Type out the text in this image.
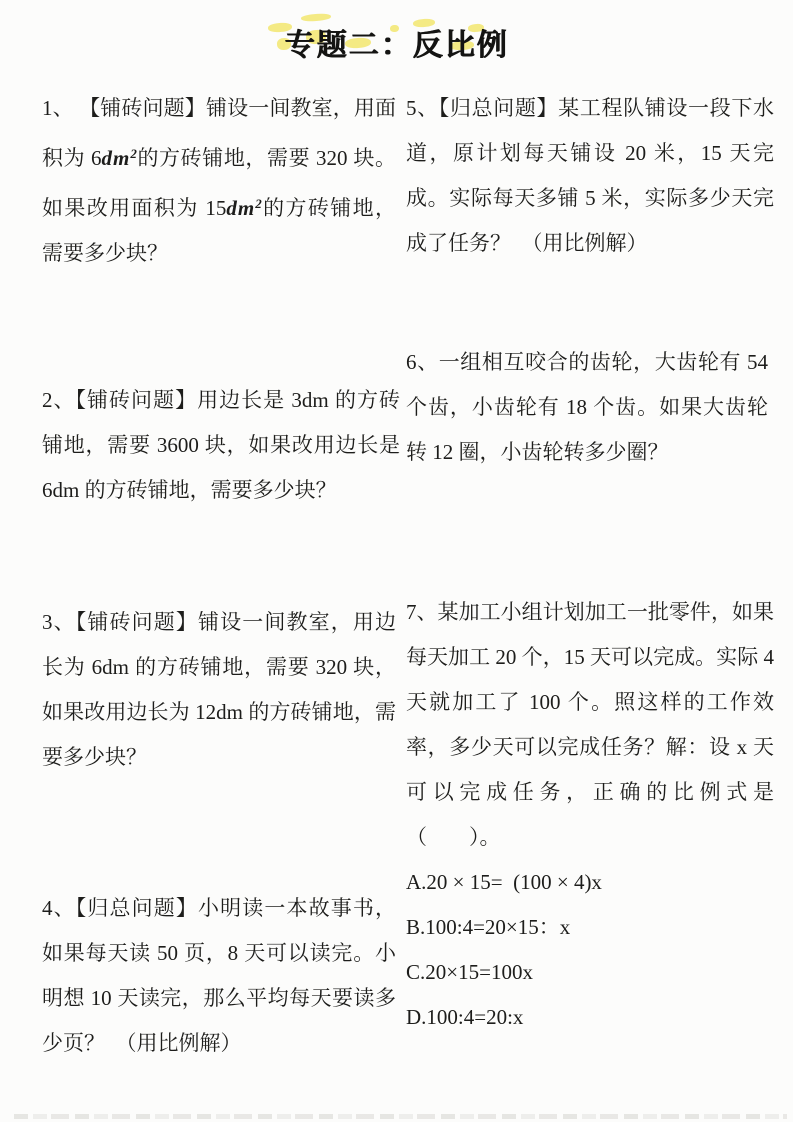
专题二：反比例
1、 【铺砖问题】铺设一间教室，用面积为 $6dm^2$的方砖铺地，需要 320 块。如果改用面积为 $15dm^2$的方砖铺地，需要多少块？
2、【铺砖问题】用边长是 3dm 的方砖铺地，需要 3600 块，如果改用边长是 6dm 的方砖铺地，需要多少块？
3、【铺砖问题】铺设一间教室，用边长为 6dm 的方砖铺地，需要 320 块，如果改用边长为 12dm 的方砖铺地，需要多少块？
4、【归总问题】小明读一本故事书，如果每天读 50 页，8 天可以读完。小明想 10 天读完，那么平均每天要读多少页？　（用比例解）
5、【归总问题】某工程队铺设一段下水道，原计划每天铺设 20 米，15 天完成。实际每天多铺 5 米，实际多少天完成了任务？　（用比例解）
6、一组相互咬合的齿轮，大齿轮有 54 个齿，小齿轮有 18 个齿。如果大齿轮转 12 圈，小齿轮转多少圈？
7、某加工小组计划加工一批零件，如果每天加工 20 个，15 天可以完成。实际 4 天就加工了 100 个。照这样的工作效率，多少天可以完成任务？解：设 x 天可以完成任务，正确的比例式是（　　）。
A.20 × 15=  (100 × 4)x
B.100:4=20×15：x
C.20×15=100x
D.100:4=20:x
